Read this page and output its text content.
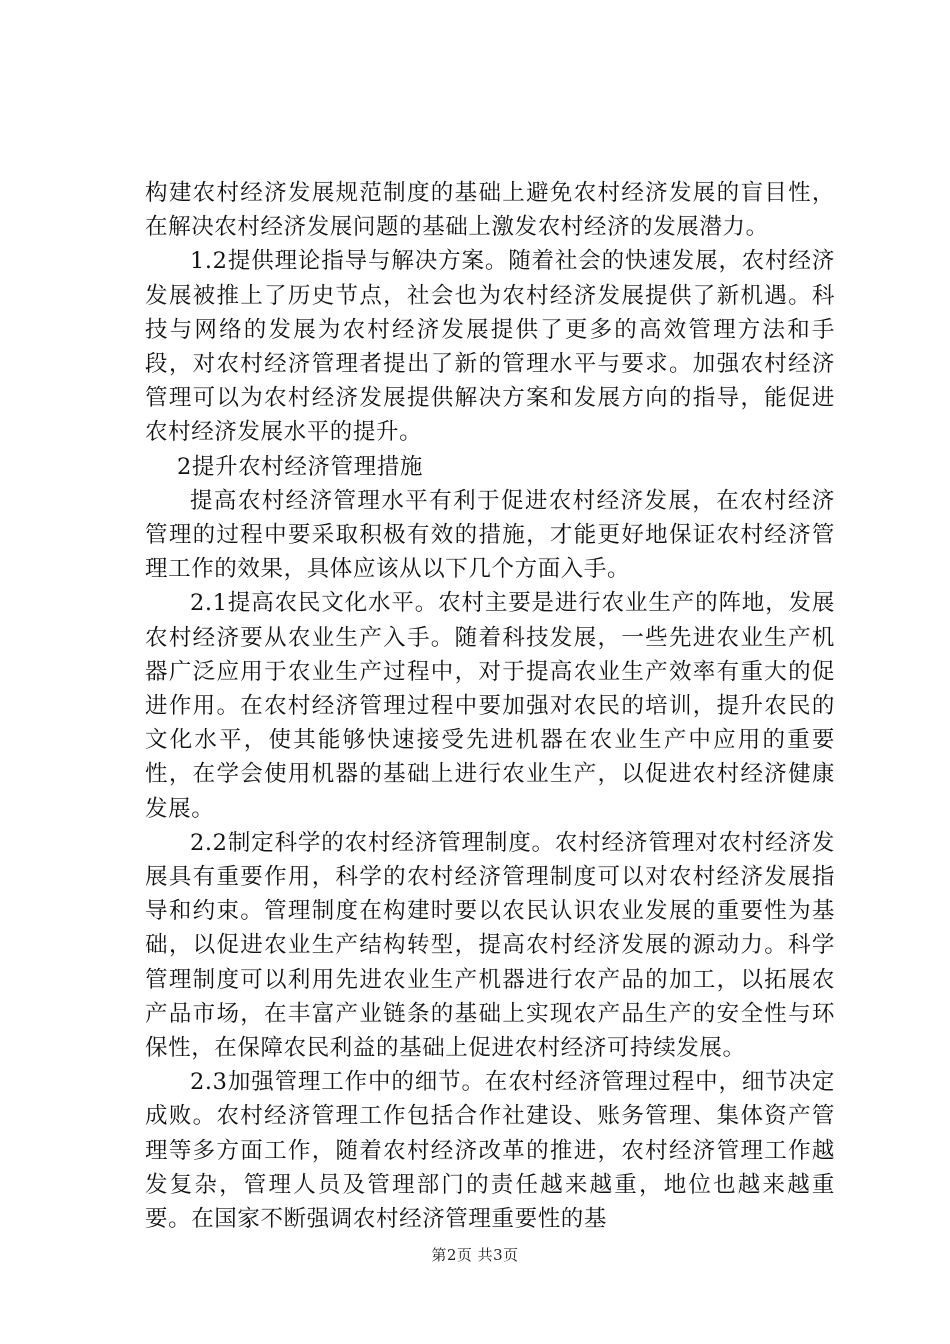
构建农村经济发展规范制度的基础上避免农村经济发展的盲目性，在解决农村经济发展问题的基础上激发农村经济的发展潜力。

1.2提供理论指导与解决方案。随着社会的快速发展，农村经济发展被推上了历史节点，社会也为农村经济发展提供了新机遇。科技与网络的发展为农村经济发展提供了更多的高效管理方法和手段，对农村经济管理者提出了新的管理水平与要求。加强农村经济管理可以为农村经济发展提供解决方案和发展方向的指导，能促进农村经济发展水平的提升。

2提升农村经济管理措施

提高农村经济管理水平有利于促进农村经济发展，在农村经济管理的过程中要采取积极有效的措施，才能更好地保证农村经济管理工作的效果，具体应该从以下几个方面入手。

2.1提高农民文化水平。农村主要是进行农业生产的阵地，发展农村经济要从农业生产入手。随着科技发展，一些先进农业生产机器广泛应用于农业生产过程中，对于提高农业生产效率有重大的促进作用。在农村经济管理过程中要加强对农民的培训，提升农民的文化水平，使其能够快速接受先进机器在农业生产中应用的重要性，在学会使用机器的基础上进行农业生产，以促进农村经济健康发展。

2.2制定科学的农村经济管理制度。农村经济管理对农村经济发展具有重要作用，科学的农村经济管理制度可以对农村经济发展指导和约束。管理制度在构建时要以农民认识农业发展的重要性为基础，以促进农业生产结构转型，提高农村经济发展的源动力。科学管理制度可以利用先进农业生产机器进行农产品的加工，以拓展农产品市场，在丰富产业链条的基础上实现农产品生产的安全性与环保性，在保障农民利益的基础上促进农村经济可持续发展。

2.3加强管理工作中的细节。在农村经济管理过程中，细节决定成败。农村经济管理工作包括合作社建设、账务管理、集体资产管理等多方面工作，随着农村经济改革的推进，农村经济管理工作越发复杂，管理人员及管理部门的责任越来越重，地位也越来越重要。在国家不断强调农村经济管理重要性的基

第2页 共3页
